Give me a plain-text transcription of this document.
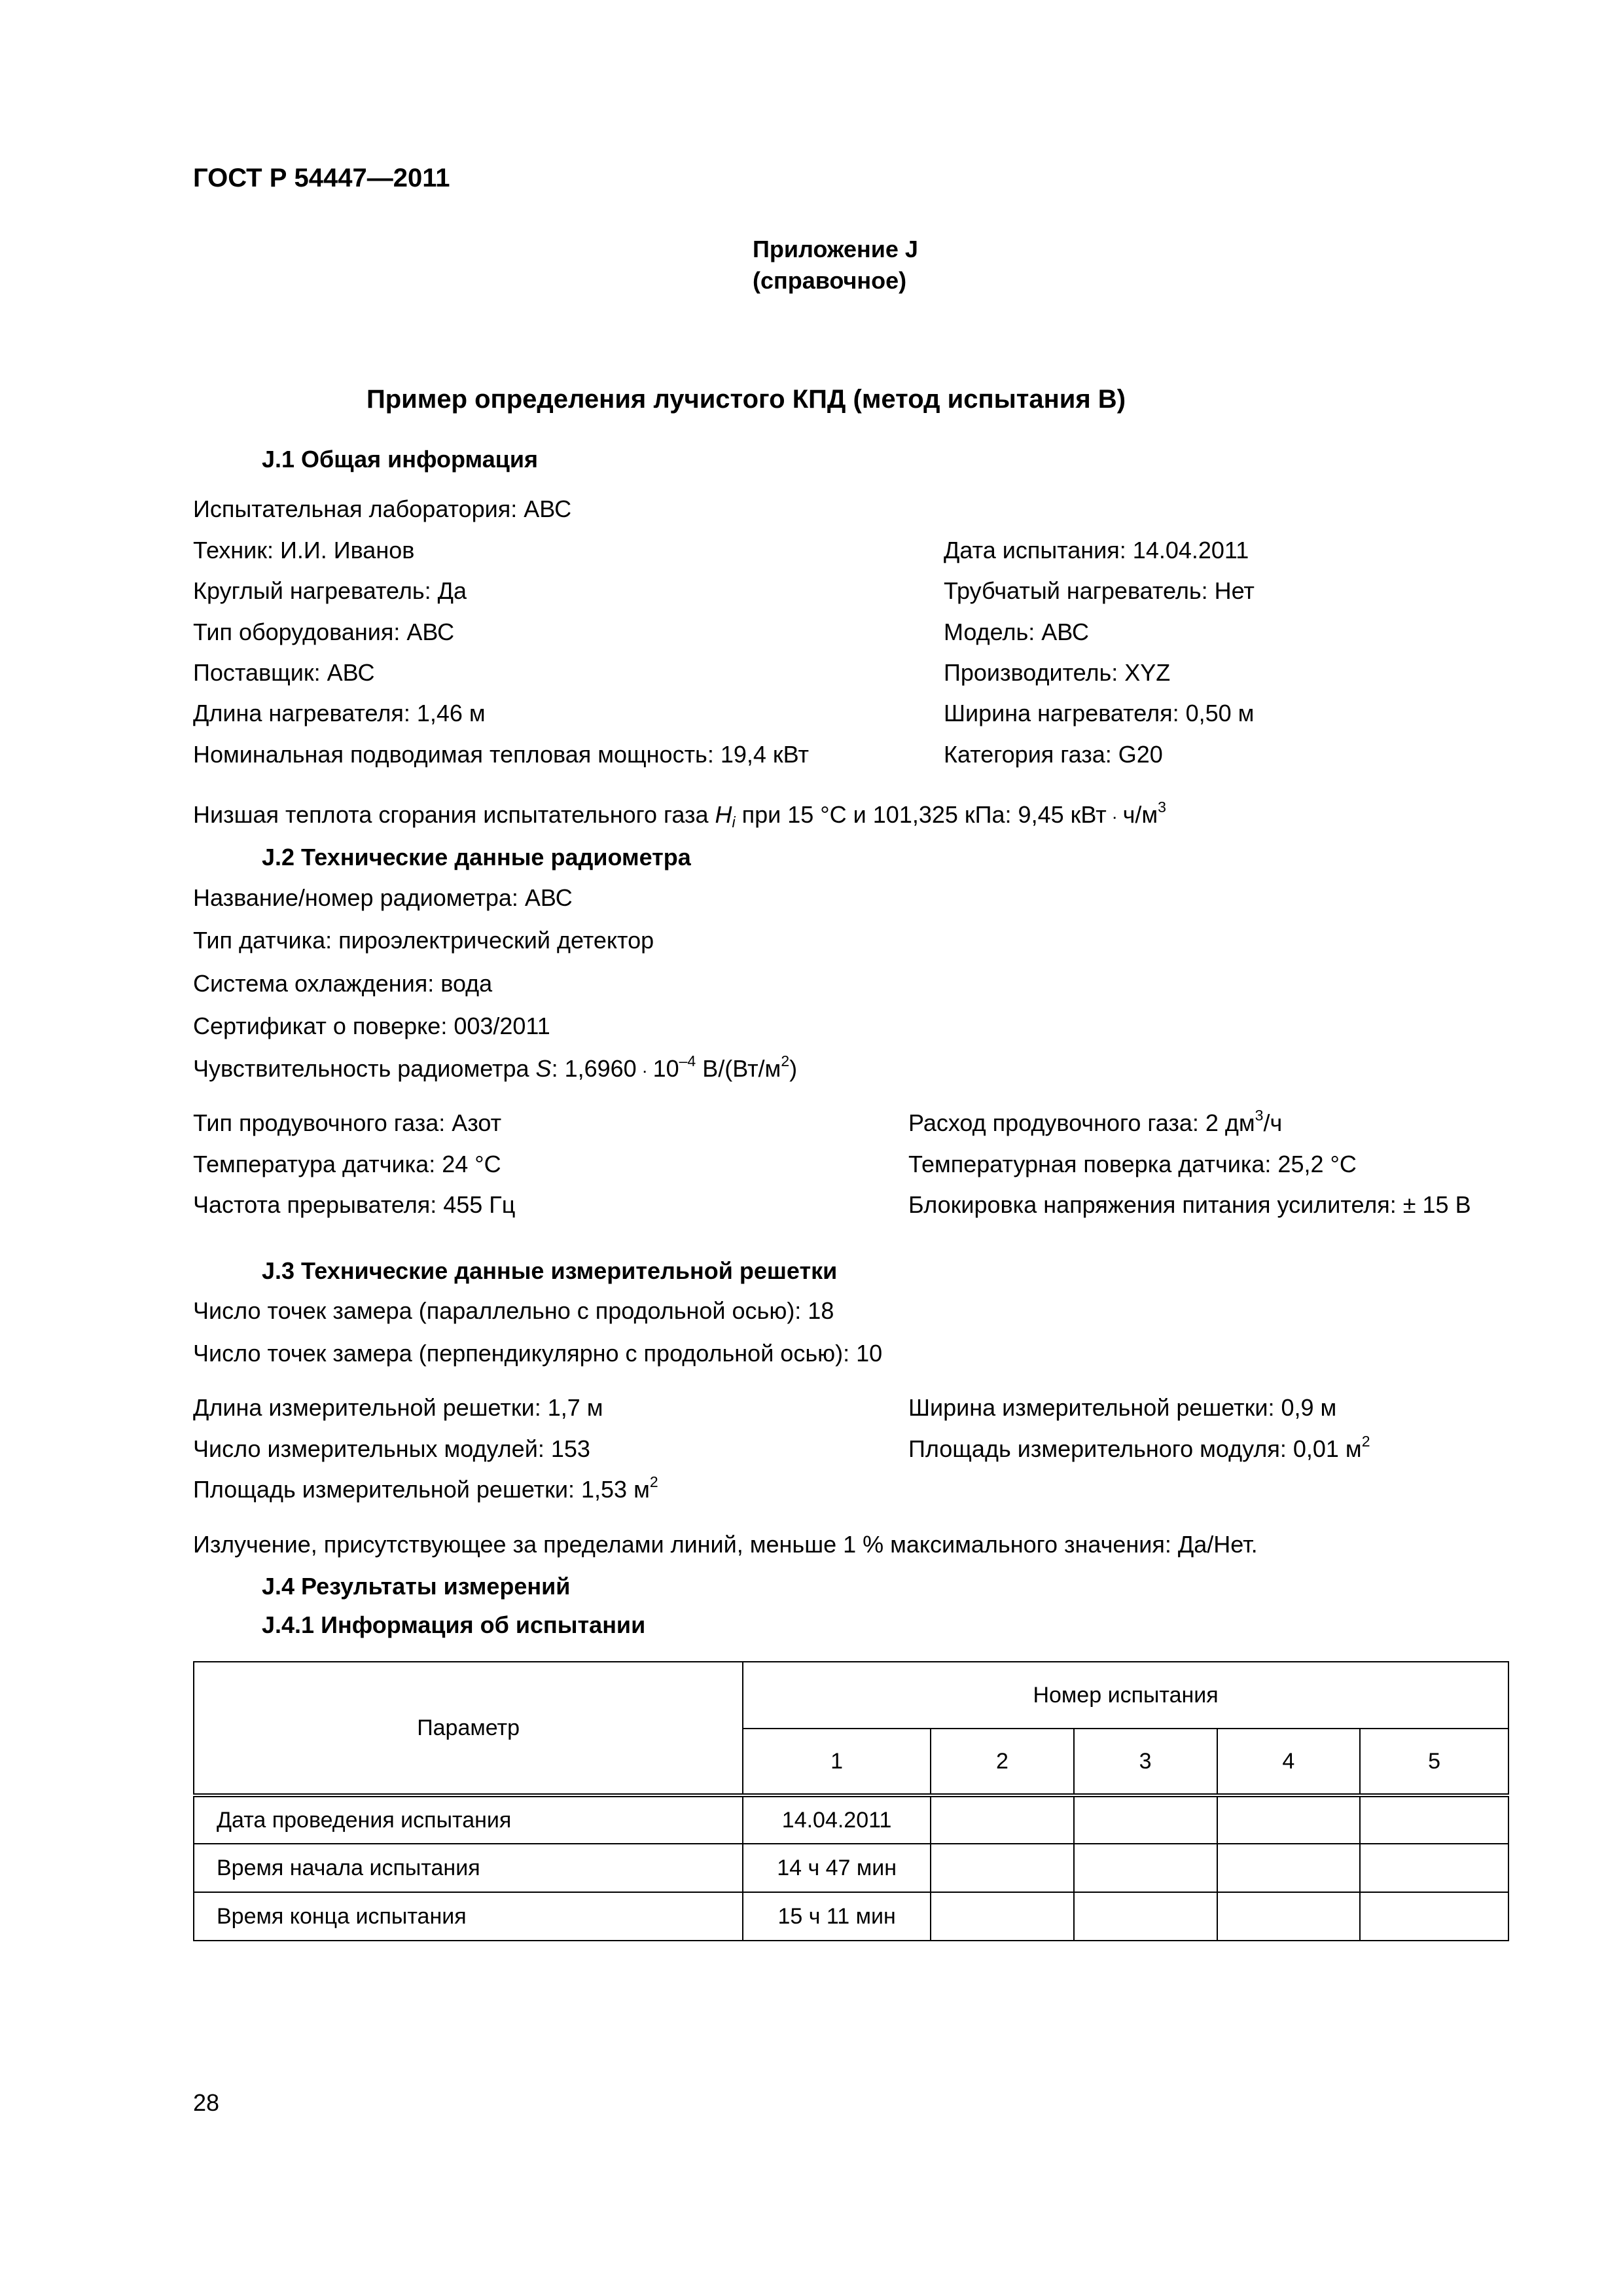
ГОСТ Р 54447—2011
Приложение J
(справочное)
Пример определения лучистого КПД (метод испытания В)
J.1 Общая информация
Испытательная лаборатория: АВС
Техник: И.И. Иванов
Круглый нагреватель: Да
Тип оборудования: АВС
Поставщик: АВС
Длина нагревателя: 1,46 м
Номинальная подводимая тепловая мощность: 19,4 кВт
Дата испытания: 14.04.2011
Трубчатый нагреватель: Нет
Модель: АВС
Производитель: XYZ
Ширина нагревателя: 0,50 м
Категория газа: G20
Низшая теплота сгорания испытательного газа $H_i$ при 15 °С и 101,325 кПа: 9,45 кВт · $ч/м^3$
J.2 Технические данные радиометра
Название/номер радиометра: АВС
Тип датчика: пироэлектрический детектор
Система охлаждения: вода
Сертификат о поверке: 003/2011
Чувствительность радиометра S: $1,6960 \cdot 10^{-4}$ $В/(Вт/м^2)$
Тип продувочного газа: Азот
Температура датчика: 24 °С
Частота прерывателя: 455 Гц
Расход продувочного газа: 2 $дм^3/ч$
Температурная поверка датчика: 25,2 °С
Блокировка напряжения питания усилителя: ± 15 В
J.3 Технические данные измерительной решетки
Число точек замера (параллельно с продольной осью): 18
Число точек замера (перпендикулярно с продольной осью): 10
Длина измерительной решетки: 1,7 м
Число измерительных модулей: 153
Площадь измерительной решетки: 1,53 $м^2$
Ширина измерительной решетки: 0,9 м
Площадь измерительного модуля: 0,01 $м^2$
Излучение, присутствующее за пределами линий, меньше 1 % максимального значения: Да/Нет.
J.4 Результаты измерений
J.4.1 Информация об испытании
Параметр	Номер испытания				
	1	2	3	4	5
Дата проведения испытания	14.04.2011				
Время начала испытания	14 ч 47 мин				
Время конца испытания	15 ч 11 мин				
28
